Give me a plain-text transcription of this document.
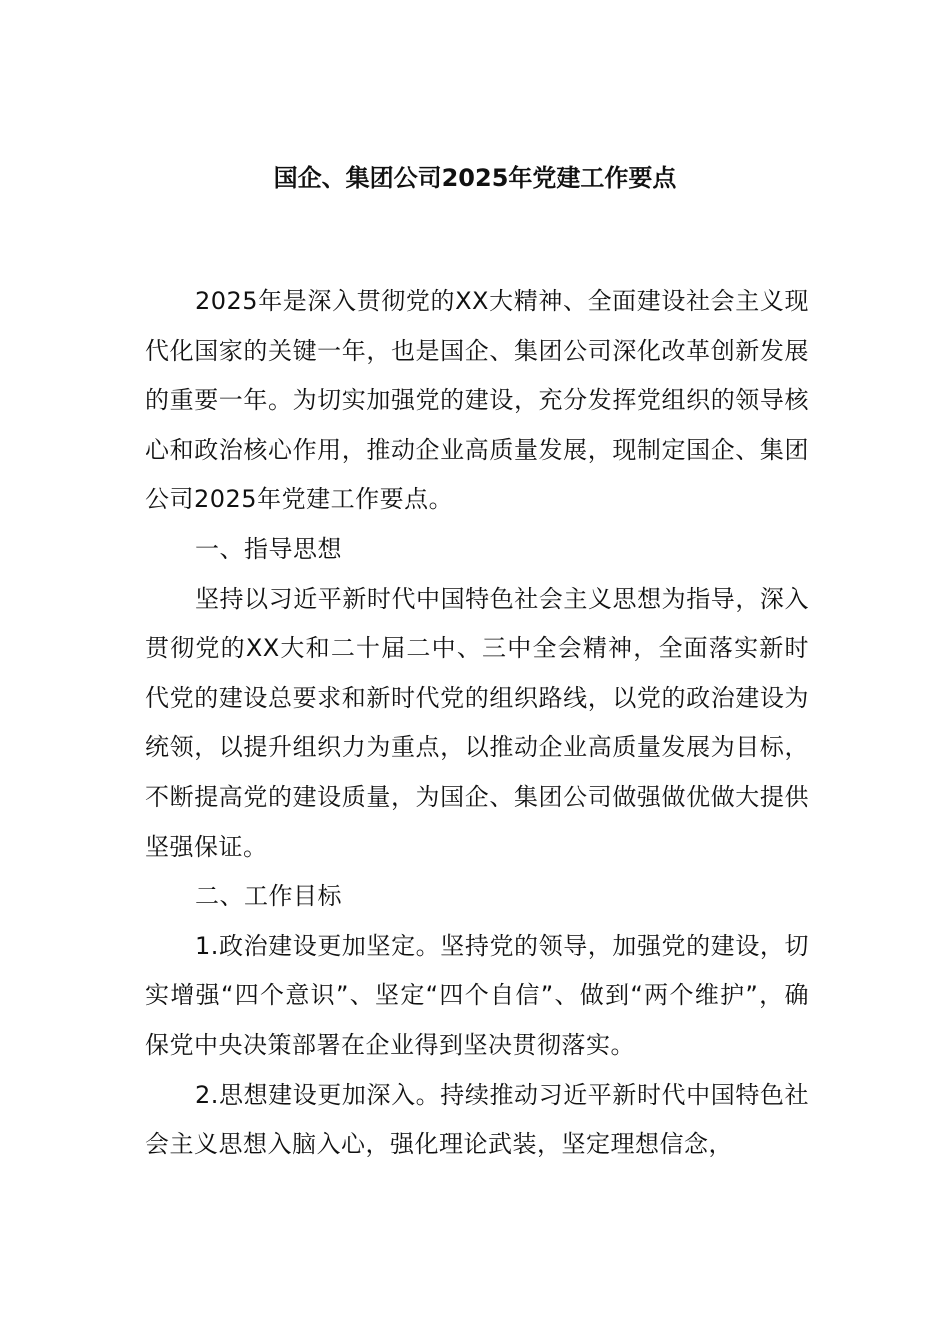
国企、集团公司2025年党建工作要点

2025年是深入贯彻党的XX大精神、全面建设社会主义现代化国家的关键一年，也是国企、集团公司深化改革创新发展的重要一年。为切实加强党的建设，充分发挥党组织的领导核心和政治核心作用，推动企业高质量发展，现制定国企、集团公司2025年党建工作要点。

一、指导思想

坚持以习近平新时代中国特色社会主义思想为指导，深入贯彻党的XX大和二十届二中、三中全会精神，全面落实新时代党的建设总要求和新时代党的组织路线，以党的政治建设为统领，以提升组织力为重点，以推动企业高质量发展为目标，不断提高党的建设质量，为国企、集团公司做强做优做大提供坚强保证。

二、工作目标

1.政治建设更加坚定。坚持党的领导，加强党的建设，切实增强“四个意识”、坚定“四个自信”、做到“两个维护”，确保党中央决策部署在企业得到坚决贯彻落实。

2.思想建设更加深入。持续推动习近平新时代中国特色社会主义思想入脑入心，强化理论武装，坚定理想信念，
